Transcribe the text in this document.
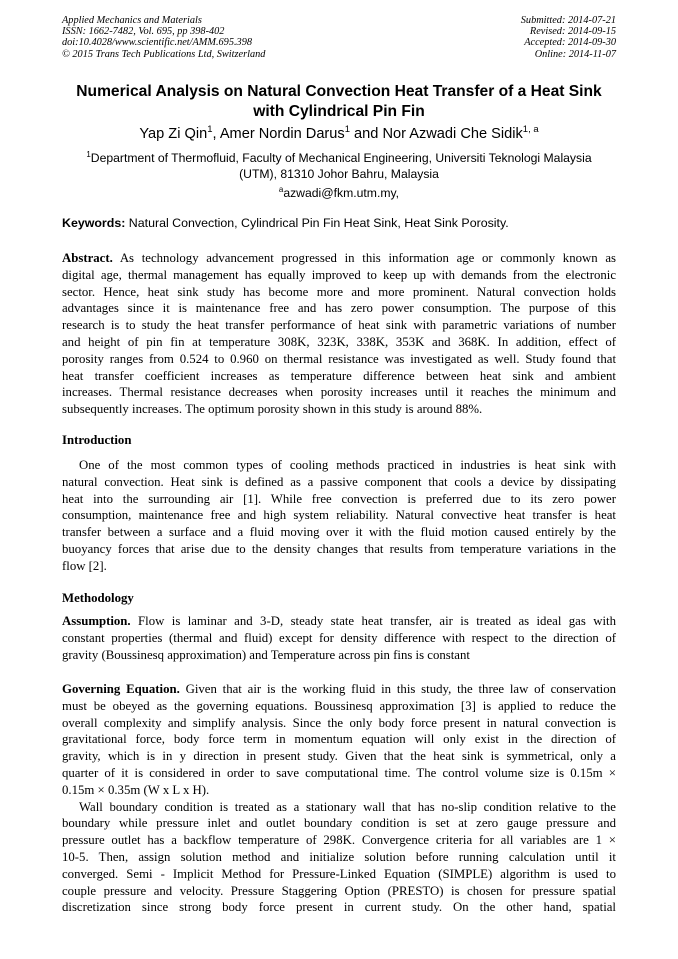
Applied Mechanics and Materials
ISSN: 1662-7482, Vol. 695, pp 398-402
doi:10.4028/www.scientific.net/AMM.695.398
© 2015 Trans Tech Publications Ltd, Switzerland
Submitted: 2014-07-21
Revised: 2014-09-15
Accepted: 2014-09-30
Online: 2014-11-07
Numerical Analysis on Natural Convection Heat Transfer of a Heat Sink
with Cylindrical Pin Fin
Yap Zi Qin$^1$, Amer Nordin Darus$^1$ and Nor Azwadi Che Sidik$^{1, a}$
$^1$Department of Thermofluid, Faculty of Mechanical Engineering, Universiti Teknologi Malaysia
(UTM), 81310 Johor Bahru, Malaysia
$^a$azwadi@fkm.utm.my,
Keywords: Natural Convection, Cylindrical Pin Fin Heat Sink, Heat Sink Porosity.
Abstract. As technology advancement progressed in this information age or commonly known as
digital age, thermal management has equally improved to keep up with demands from the electronic
sector. Hence, heat sink study has become more and more prominent. Natural convection holds
advantages since it is maintenance free and has zero power consumption. The purpose of this
research is to study the heat transfer performance of heat sink with parametric variations of number
and height of pin fin at temperature 308K, 323K, 338K, 353K and 368K. In addition, effect of
porosity ranges from 0.524 to 0.960 on thermal resistance was investigated as well. Study found that
heat transfer coefficient increases as temperature difference between heat sink and ambient
increases. Thermal resistance decreases when porosity increases until it reaches the minimum and
subsequently increases. The optimum porosity shown in this study is around 88%.
Introduction
One of the most common types of cooling methods practiced in industries is heat sink with
natural convection. Heat sink is defined as a passive component that cools a device by dissipating
heat into the surrounding air [1]. While free convection is preferred due to its zero power
consumption, maintenance free and high system reliability. Natural convective heat transfer is heat
transfer between a surface and a fluid moving over it with the fluid motion caused entirely by the
buoyancy forces that arise due to the density changes that results from temperature variations in the
flow [2].
Methodology
Assumption. Flow is laminar and 3-D, steady state heat transfer, air is treated as ideal gas with
constant properties (thermal and fluid) except for density difference with respect to the direction of
gravity (Boussinesq approximation) and Temperature across pin fins is constant
Governing Equation. Given that air is the working fluid in this study, the three law of conservation
must be obeyed as the governing equations. Boussinesq approximation [3] is applied to reduce the
overall complexity and simplify analysis. Since the only body force present in natural convection is
gravitational force, body force term in momentum equation will only exist in the direction of
gravity, which is in y direction in present study. Given that the heat sink is symmetrical, only a
quarter of it is considered in order to save computational time. The control volume size is 0.15m ×
0.15m × 0.35m (W x L x H).
Wall boundary condition is treated as a stationary wall that has no-slip condition relative to the
boundary while pressure inlet and outlet boundary condition is set at zero gauge pressure and
pressure outlet has a backflow temperature of 298K. Convergence criteria for all variables are 1 ×
10-5. Then, assign solution method and initialize solution before running calculation until it
converged. Semi - Implicit Method for Pressure-Linked Equation (SIMPLE) algorithm is used to
couple pressure and velocity. Pressure Staggering Option (PRESTO) is chosen for pressure spatial
discretization since strong body force present in current study. On the other hand, spatial
